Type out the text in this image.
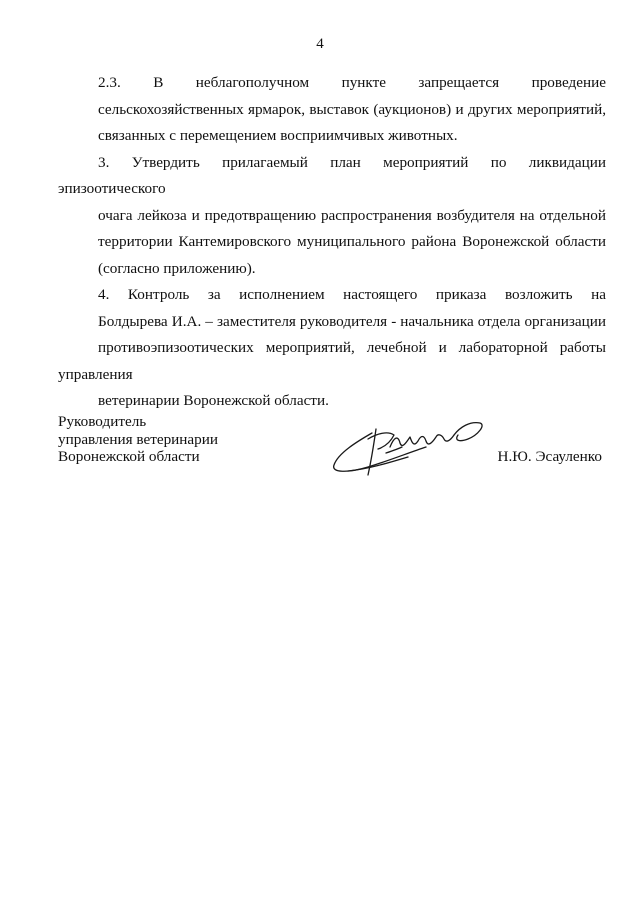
4

2.3. В неблагополучном пункте запрещается проведение
сельскохозяйственных ярмарок, выставок (аукционов) и других мероприятий,
связанных с перемещением восприимчивых животных.

3. Утвердить прилагаемый план мероприятий по ликвидации эпизоотического
очага лейкоза и предотвращению распространения возбудителя на отдельной
территории Кантемировского муниципального района Воронежской области
(согласно приложению).

4. Контроль за исполнением настоящего приказа возложить на
Болдырева И.А. – заместителя руководителя - начальника отдела организации
противоэпизоотических мероприятий, лечебной и лабораторной работы управления
ветеринарии Воронежской области.

Руководитель
управления ветеринарии
Воронежской области	Н.Ю. Эсауленко
